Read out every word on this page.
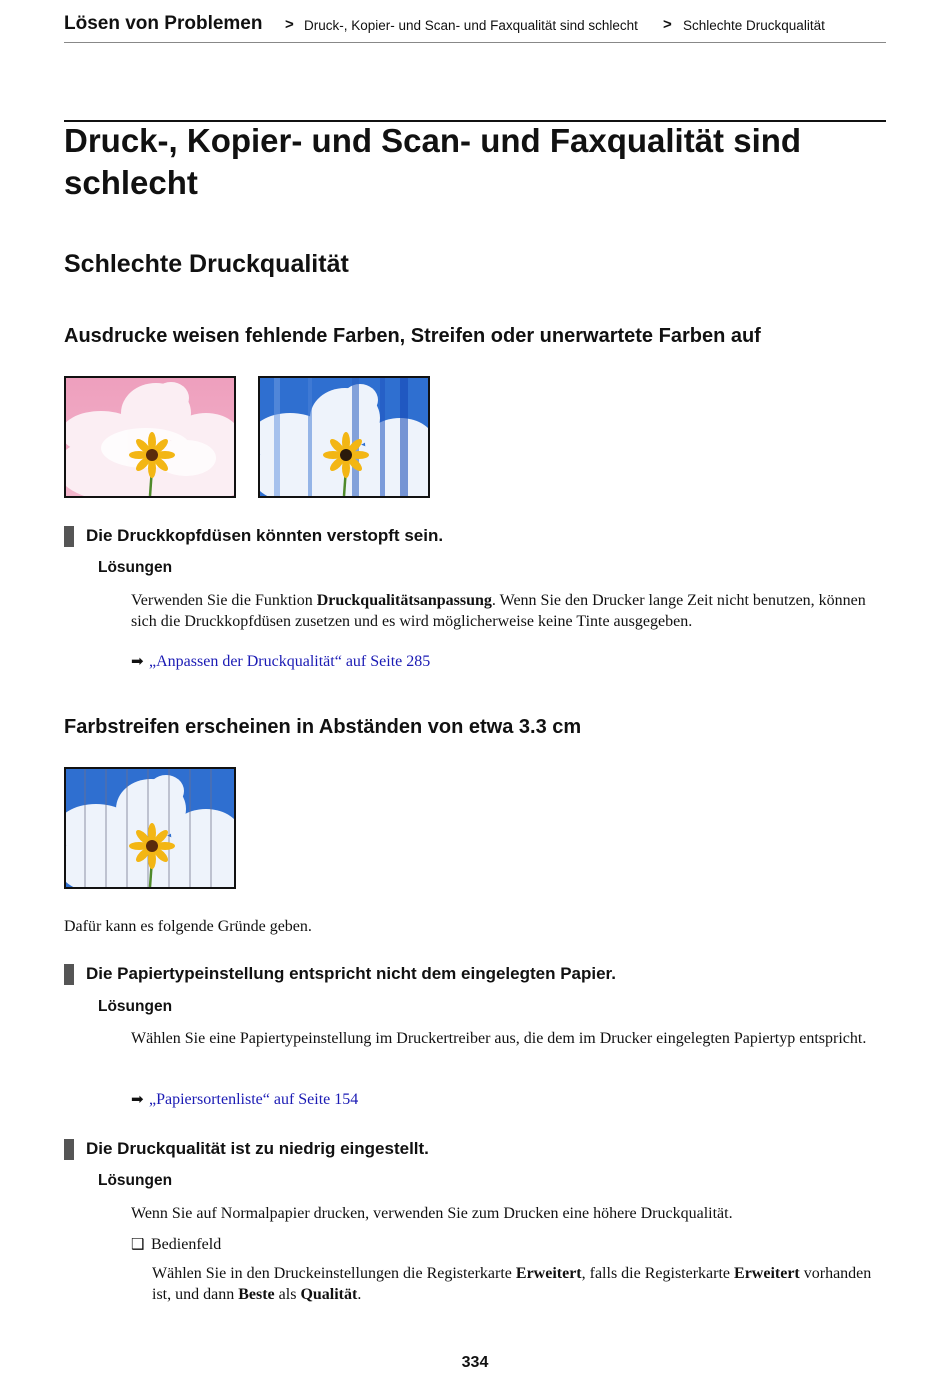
Lösen von Problemen > Druck-, Kopier- und Scan- und Faxqualität sind schlecht > Schlechte Druckqualität
Druck-, Kopier- und Scan- und Faxqualität sind schlecht
Schlechte Druckqualität
Ausdrucke weisen fehlende Farben, Streifen oder unerwartete Farben auf
Die Druckkopfdüsen könnten verstopft sein.
Lösungen
Verwenden Sie die Funktion Druckqualitätsanpassung. Wenn Sie den Drucker lange Zeit nicht benutzen, können sich die Druckkopfdüsen zusetzen und es wird möglicherweise keine Tinte ausgegeben.
➡ „Anpassen der Druckqualität“ auf Seite 285
Farbstreifen erscheinen in Abständen von etwa 3.3 cm
Dafür kann es folgende Gründe geben.
Die Papiertypeinstellung entspricht nicht dem eingelegten Papier.
Lösungen
Wählen Sie eine Papiertypeinstellung im Druckertreiber aus, die dem im Drucker eingelegten Papiertyp entspricht.
➡ „Papiersortenliste“ auf Seite 154
Die Druckqualität ist zu niedrig eingestellt.
Lösungen
Wenn Sie auf Normalpapier drucken, verwenden Sie zum Drucken eine höhere Druckqualität.
❑ Bedienfeld
Wählen Sie in den Druckeinstellungen die Registerkarte Erweitert, falls die Registerkarte Erweitert vorhanden ist, und dann Beste als Qualität.
334
